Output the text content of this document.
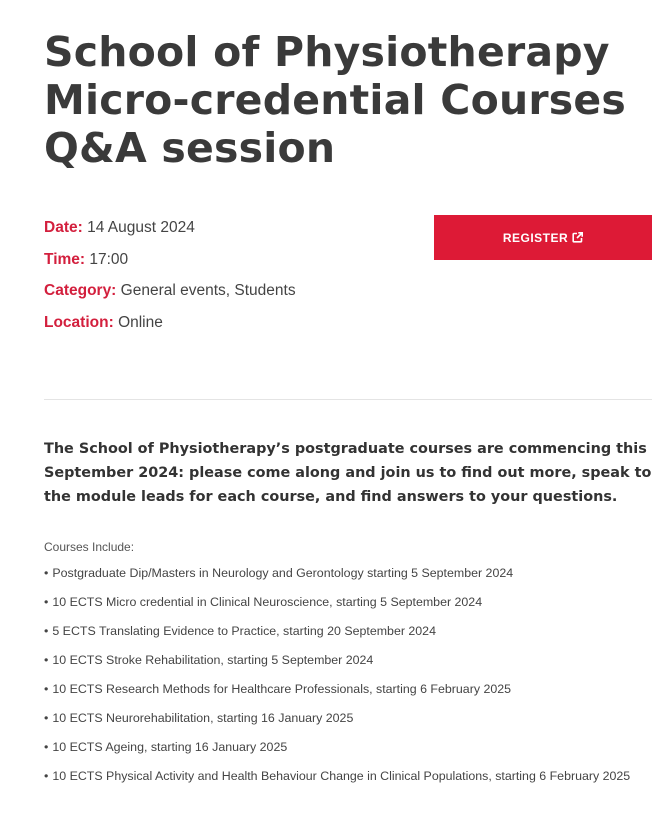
School of Physiotherapy
Micro-credential Courses
Q&A session
Date: 14 August 2024
Time: 17:00
Category: General events, Students
Location: Online
REGISTER

The School of Physiotherapy’s postgraduate courses are commencing this September 2024: please come along and join us to find out more, speak to the module leads for each course, and find answers to your questions.

Courses Include:
• Postgraduate Dip/Masters in Neurology and Gerontology starting 5 September 2024
• 10 ECTS Micro credential in Clinical Neuroscience, starting 5 September 2024
• 5 ECTS Translating Evidence to Practice, starting 20 September 2024
• 10 ECTS Stroke Rehabilitation, starting 5 September 2024
• 10 ECTS Research Methods for Healthcare Professionals, starting 6 February 2025
• 10 ECTS Neurorehabilitation, starting 16 January 2025
• 10 ECTS Ageing, starting 16 January 2025
• 10 ECTS Physical Activity and Health Behaviour Change in Clinical Populations, starting 6 February 2025
